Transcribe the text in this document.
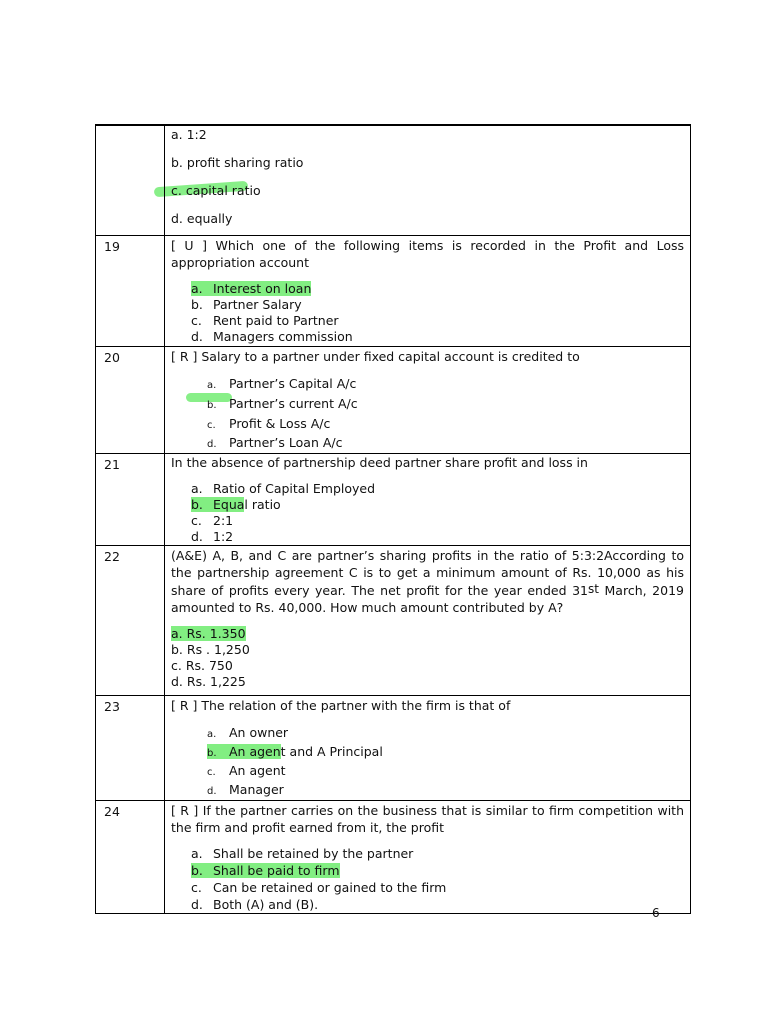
	a. 1:2
b. profit sharing ratio
c. capital ratio
d. equally

19	[ U ] Which one of the following items is recorded in the Profit and Loss appropriation account
a. Interest on loan
b. Partner Salary
c. Rent paid to Partner
d. Managers commission

20	[ R ] Salary to a partner under fixed capital account is credited to
a. Partner’s Capital A/c
b. Partner’s current A/c
c. Profit & Loss A/c
d. Partner’s Loan A/c

21	In the absence of partnership deed partner share profit and loss in
a. Ratio of Capital Employed
b. Equal ratio
c. 2:1
d. 1:2

22	(A&E) A, B, and C are partner’s sharing profits in the ratio of 5:3:2According to the partnership agreement C is to get a minimum amount of Rs. 10,000 as his share of profits every year. The net profit for the year ended 31st March, 2019 amounted to Rs. 40,000. How much amount contributed by A?
a. Rs. 1.350
b. Rs . 1,250
c. Rs. 750
d. Rs. 1,225

23	[ R ] The relation of the partner with the firm is that of
a. An owner
b. An agent and A Principal
c. An agent
d. Manager

24	[ R ] If the partner carries on the business that is similar to firm competition with the firm and profit earned from it, the profit
a. Shall be retained by the partner
b. Shall be paid to firm
c. Can be retained or gained to the firm
d. Both (A) and (B).
6
